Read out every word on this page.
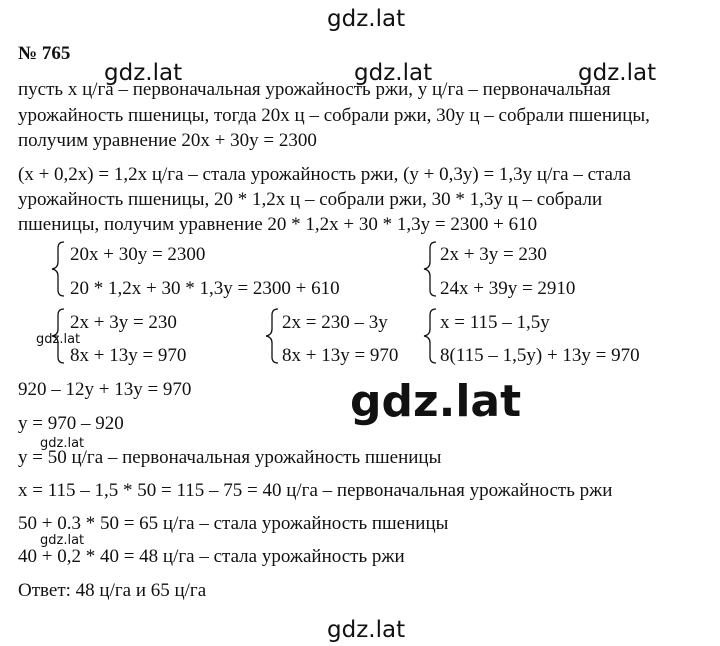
gdz.lat
gdz.lat	gdz.lat	gdz.lat
gdz.lat
gdz.lat
gdz.lat
gdz.lat
gdz.lat
№ 765
пусть x ц/га – первоначальная урожайность ржи, y ц/га – первоначальная
урожайность пшеницы, тогда 20x ц – собрали ржи, 30y ц – собрали пшеницы,
получим уравнение 20x + 30y = 2300
(x + 0,2x) = 1,2x ц/га – стала урожайность ржи, (y + 0,3y) = 1,3y ц/га – стала
урожайность пшеницы, 20 * 1,2x ц – собрали ржи, 30 * 1,3y ц – собрали
пшеницы, получим уравнение 20 * 1,2x + 30 * 1,3y = 2300 + 610
20x + 30y = 2300
20 * 1,2x + 30 * 1,3y = 2300 + 610
2x + 3y = 230
24x + 39y = 2910
2x + 3y = 230
8x + 13y = 970
2x = 230 – 3y
8x + 13y = 970
x = 115 – 1,5y
8(115 – 1,5y) + 13y = 970
920 – 12y + 13y = 970
y = 970 – 920
y = 50 ц/га – первоначальная урожайность пшеницы
x = 115 – 1,5 * 50 = 115 – 75 = 40 ц/га – первоначальная урожайность ржи
50 + 0.3 * 50 = 65 ц/га – стала урожайность пшеницы
40 + 0,2 * 40 = 48 ц/га – стала урожайность ржи
Ответ: 48 ц/га и 65 ц/га
